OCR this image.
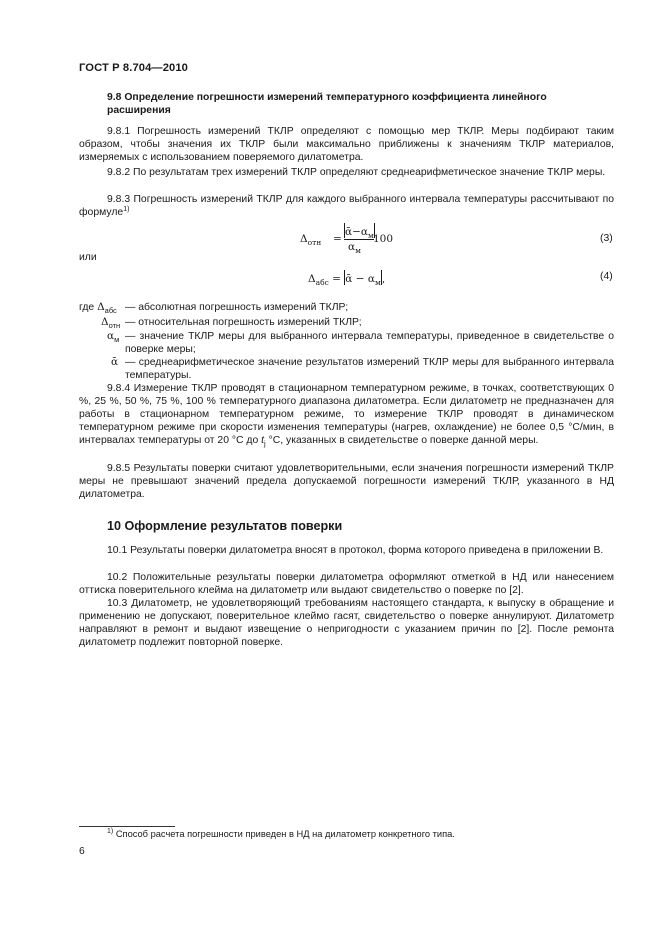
ГОСТ Р 8.704—2010
9.8 Определение погрешности измерений температурного коэффициента линейного расширения
9.8.1 Погрешность измерений ТКЛР определяют с помощью мер ТКЛР. Меры подбирают таким образом, чтобы значения их ТКЛР были максимально приближены к значениям ТКЛР материалов, измеряемых с использованием поверяемого дилатометра.
9.8.2 По результатам трех измерений ТКЛР определяют среднеарифметическое значение ТКЛР меры.
9.8.3 Погрешность измерений ТКЛР для каждого выбранного интервала температуры рассчитывают по формуле$^{1)}$
$\Delta_{отн}$ =
$ᾱ-\alpha_м$
$\alpha_м$
100	(3)
или
$\Delta_{абс}$ = ᾱ − $\alpha_м$,	(4)
где $\Delta_{абс}$ — абсолютная погрешность измерений ТКЛР;
$\Delta_{отн}$ — относительная погрешность измерений ТКЛР;
$\alpha_м$ — значение ТКЛР меры для выбранного интервала температуры, приведенное в свидетельстве о поверке меры;
ᾱ — среднеарифметическое значение результатов измерений ТКЛР меры для выбранного интервала температуры.
9.8.4 Измерение ТКЛР проводят в стационарном температурном режиме, в точках, соответствующих 0 %, 25 %, 50 %, 75 %, 100 % температурного диапазона дилатометра. Если дилатометр не предназначен для работы в стационарном температурном режиме, то измерение ТКЛР проводят в динамическом температурном режиме при скорости изменения температуры (нагрев, охлаждение) не более 0,5 °С/мин, в интервалах температуры от 20 °С до $t_j$ °С, указанных в свидетельстве о поверке данной меры.
9.8.5 Результаты поверки считают удовлетворительными, если значения погрешности измерений ТКЛР меры не превышают значений предела допускаемой погрешности измерений ТКЛР, указанного в НД дилатометра.
10 Оформление результатов поверки
10.1 Результаты поверки дилатометра вносят в протокол, форма которого приведена в приложении В.
10.2 Положительные результаты поверки дилатометра оформляют отметкой в НД или нанесением оттиска поверительного клейма на дилатометр или выдают свидетельство о поверке по [2].
10.3 Дилатометр, не удовлетворяющий требованиям настоящего стандарта, к выпуску в обращение и применению не допускают, поверительное клеймо гасят, свидетельство о поверке аннулируют. Дилатометр направляют в ремонт и выдают извещение о непригодности с указанием причин по [2]. После ремонта дилатометр подлежит повторной поверке.
$^{1)}$ Способ расчета погрешности приведен в НД на дилатометр конкретного типа.
6
